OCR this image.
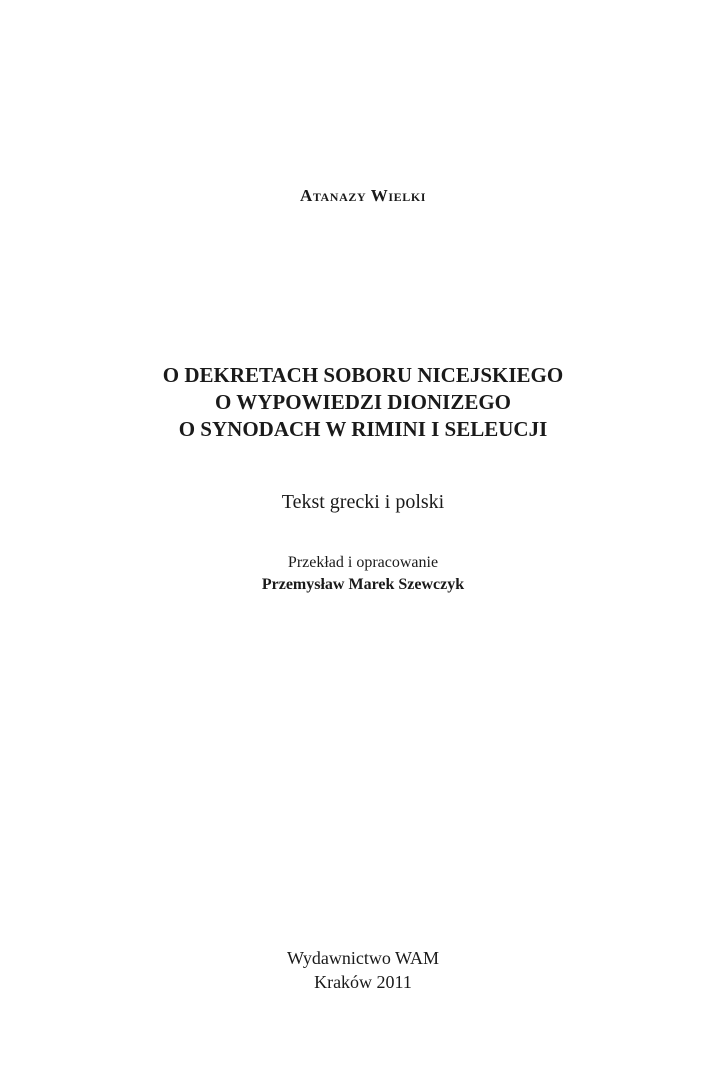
Atanazy Wielki
O DEKRETACH SOBORU NICEJSKIEGO
O WYPOWIEDZI DIONIZEGO
O SYNODACH W RIMINI I SELEUCJI
Tekst grecki i polski
Przekład i opracowanie
Przemysław Marek Szewczyk
Wydawnictwo WAM
Kraków 2011
